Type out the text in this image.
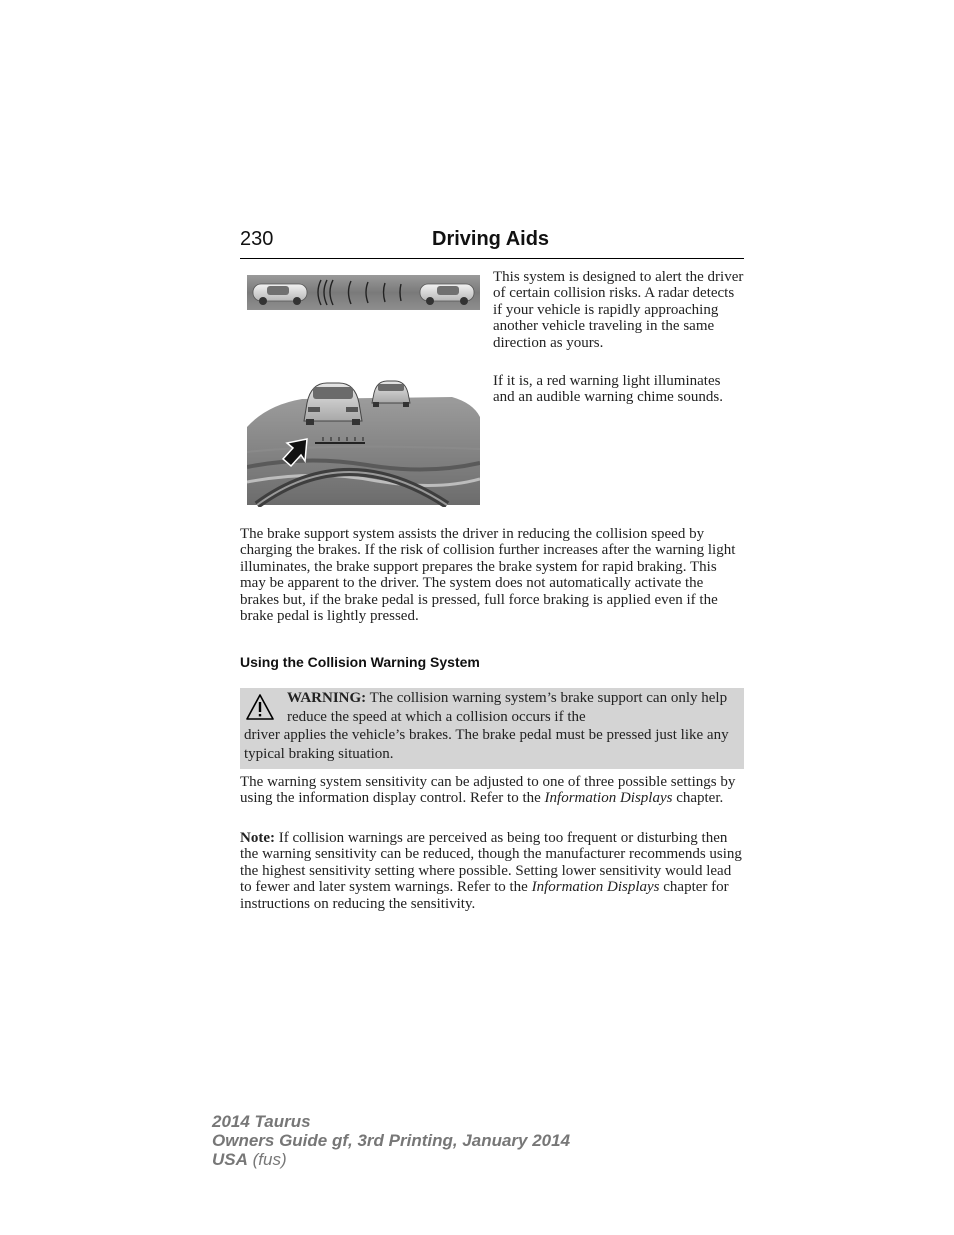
230	Driving Aids

This system is designed to alert the driver of certain collision risks. A radar detects if your vehicle is rapidly approaching another vehicle traveling in the same direction as yours.

If it is, a red warning light illuminates and an audible warning chime sounds.

The brake support system assists the driver in reducing the collision speed by charging the brakes. If the risk of collision further increases after the warning light illuminates, the brake support prepares the brake system for rapid braking. This may be apparent to the driver. The system does not automatically activate the brakes but, if the brake pedal is pressed, full force braking is applied even if the brake pedal is lightly pressed.

Using the Collision Warning System

WARNING: The collision warning system’s brake support can only help reduce the speed at which a collision occurs if the
driver applies the vehicle’s brakes. The brake pedal must be pressed just like any typical braking situation.

The warning system sensitivity can be adjusted to one of three possible settings by using the information display control. Refer to the Information Displays chapter.

Note: If collision warnings are perceived as being too frequent or disturbing then the warning sensitivity can be reduced, though the manufacturer recommends using the highest sensitivity setting where possible. Setting lower sensitivity would lead to fewer and later system warnings. Refer to the Information Displays chapter for instructions on reducing the sensitivity.

2014 Taurus
Owners Guide gf, 3rd Printing, January 2014
USA (fus)
